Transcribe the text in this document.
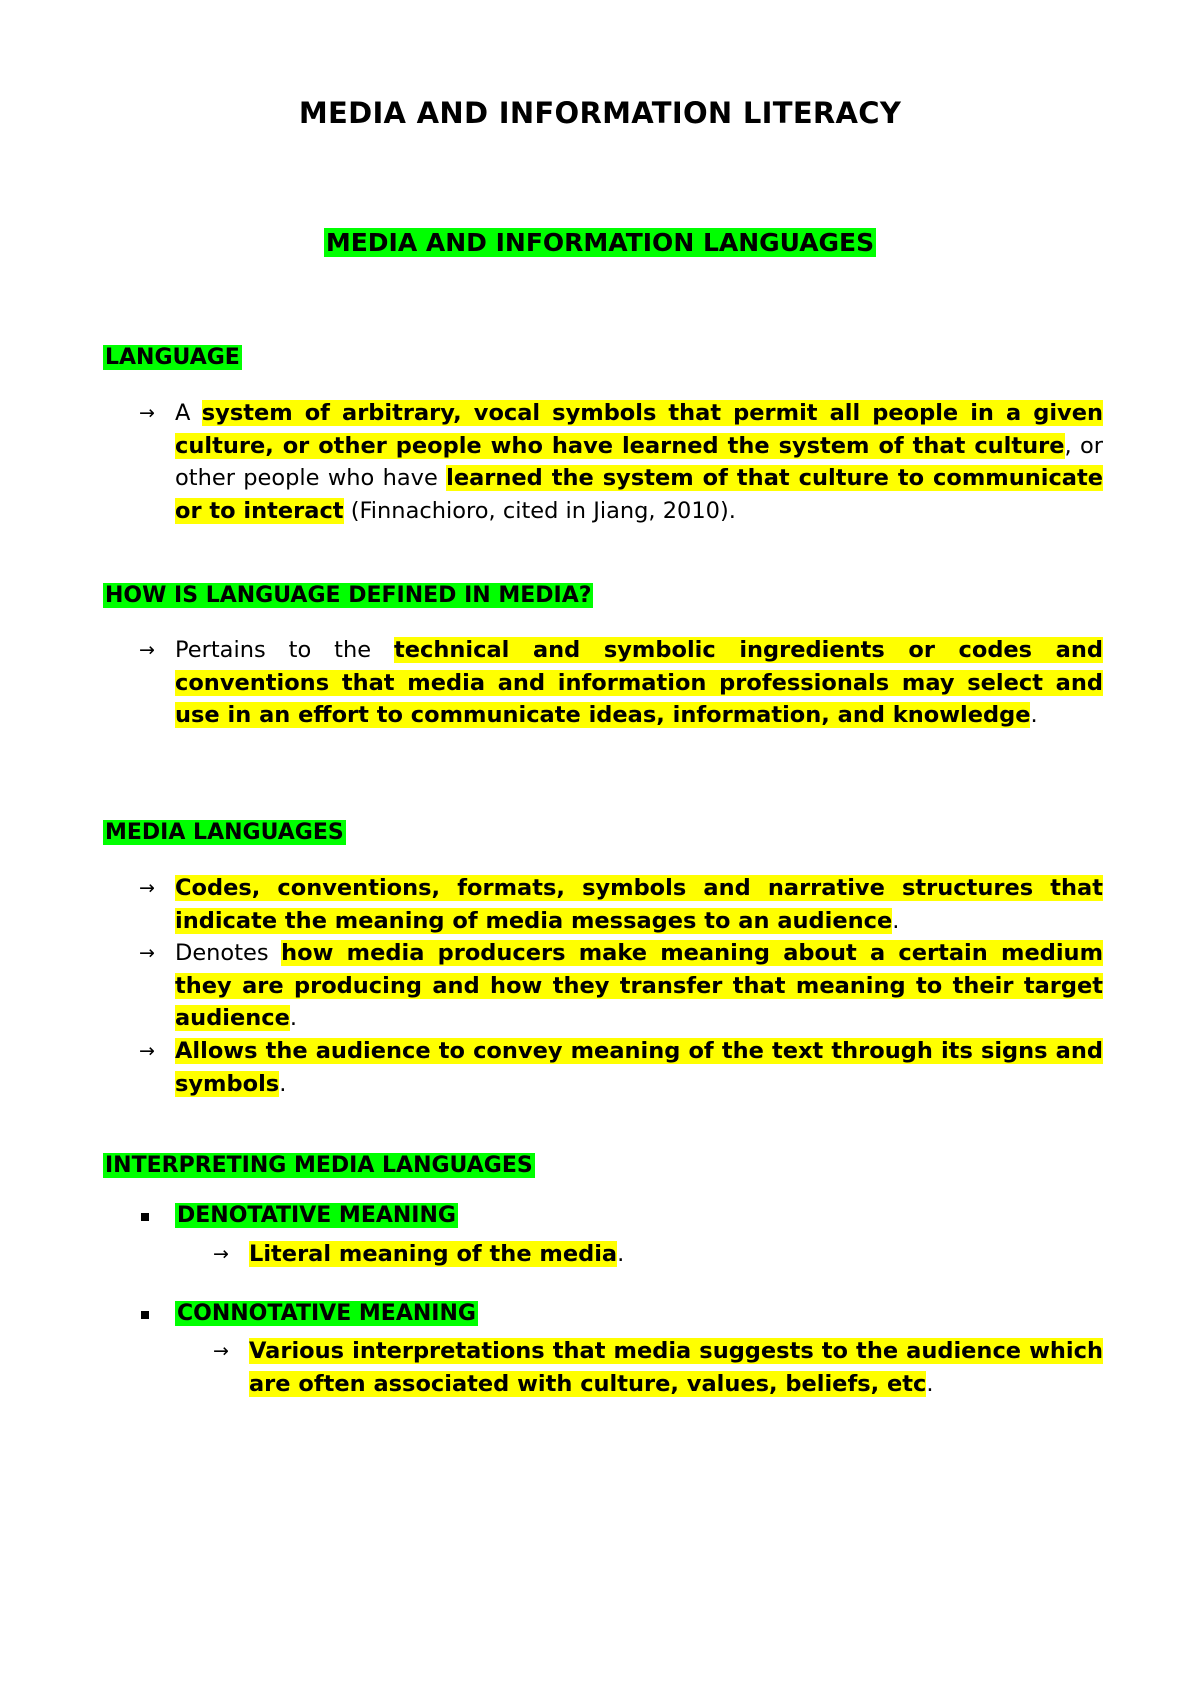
MEDIA AND INFORMATION LITERACY
MEDIA AND INFORMATION LANGUAGES
LANGUAGE

→ A system of arbitrary, vocal symbols that permit all people in a given culture, or other people who have learned the system of that culture, or other people who have learned the system of that culture to communicate or to interact (Finnachioro, cited in Jiang, 2010).

HOW IS LANGUAGE DEFINED IN MEDIA?

→ Pertains to the technical and symbolic ingredients or codes and conventions that media and information professionals may select and use in an effort to communicate ideas, information, and knowledge.

MEDIA LANGUAGES

→ Codes, conventions, formats, symbols and narrative structures that indicate the meaning of media messages to an audience.

→ Denotes how media producers make meaning about a certain medium they are producing and how they transfer that meaning to their target audience.

→ Allows the audience to convey meaning of the text through its signs and symbols.

INTERPRETING MEDIA LANGUAGES
DENOTATIVE MEANING

→ Literal meaning of the media.

CONNOTATIVE MEANING

→ Various interpretations that media suggests to the audience which are often associated with culture, values, beliefs, etc.
